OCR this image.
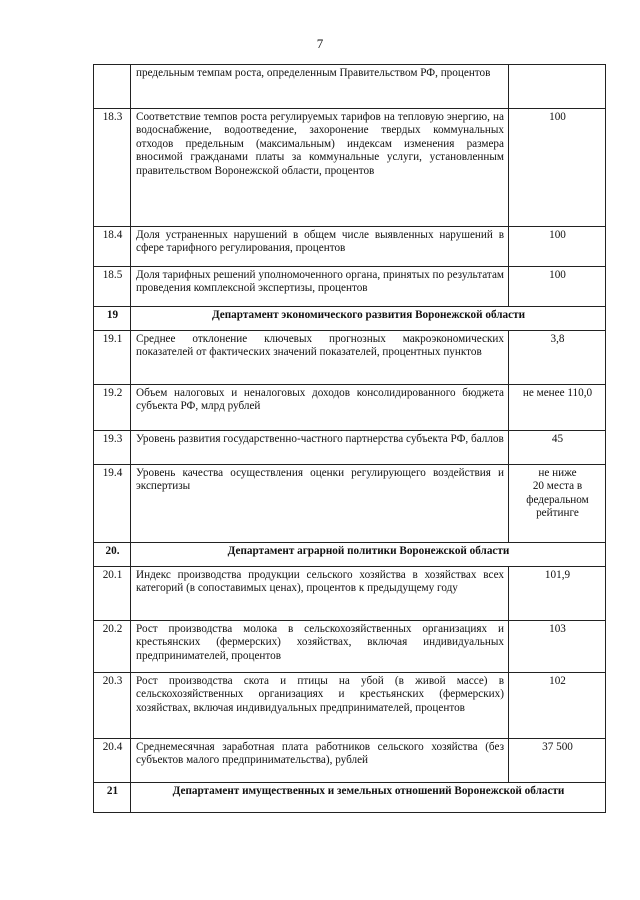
7
	предельным темпам роста, определенным Правительством РФ, процентов	
18.3	Соответствие темпов роста регулируемых тарифов на тепловую энергию, на водоснабжение, водоотведение, захоронение твердых коммунальных отходов предельным (максимальным) индексам изменения размера вносимой гражданами платы за коммунальные услуги, установленным правительством Воронежской области, процентов	100
18.4	Доля устраненных нарушений в общем числе выявленных нарушений в сфере тарифного регулирования, процентов	100
18.5	Доля тарифных решений уполномоченного органа, принятых по результатам проведения комплексной экспертизы, процентов	100
19	Департамент экономического развития Воронежской области	
19.1	Среднее отклонение ключевых прогнозных макроэкономических показателей от фактических значений показателей, процентных пунктов	3,8
19.2	Объем налоговых и неналоговых доходов консолидированного бюджета субъекта РФ, млрд рублей	не менее 110,0
19.3	Уровень развития государственно-частного партнерства субъекта РФ, баллов	45
19.4	Уровень качества осуществления оценки регулирующего воздействия и экспертизы	не ниже
20 места в
федеральном
рейтинге
20.	Департамент аграрной политики Воронежской области	
20.1	Индекс производства продукции сельского хозяйства в хозяйствах всех категорий (в сопоставимых ценах), процентов к предыдущему году	101,9
20.2	Рост производства молока в сельскохозяйственных организациях и крестьянских (фермерских) хозяйствах, включая индивидуальных предпринимателей, процентов	103
20.3	Рост производства скота и птицы на убой (в живой массе) в сельскохозяйственных организациях и крестьянских (фермерских) хозяйствах, включая индивидуальных предпринимателей, процентов	102
20.4	Среднемесячная заработная плата работников сельского хозяйства (без субъектов малого предпринимательства), рублей	37 500
21	Департамент имущественных и земельных отношений Воронежской области	
